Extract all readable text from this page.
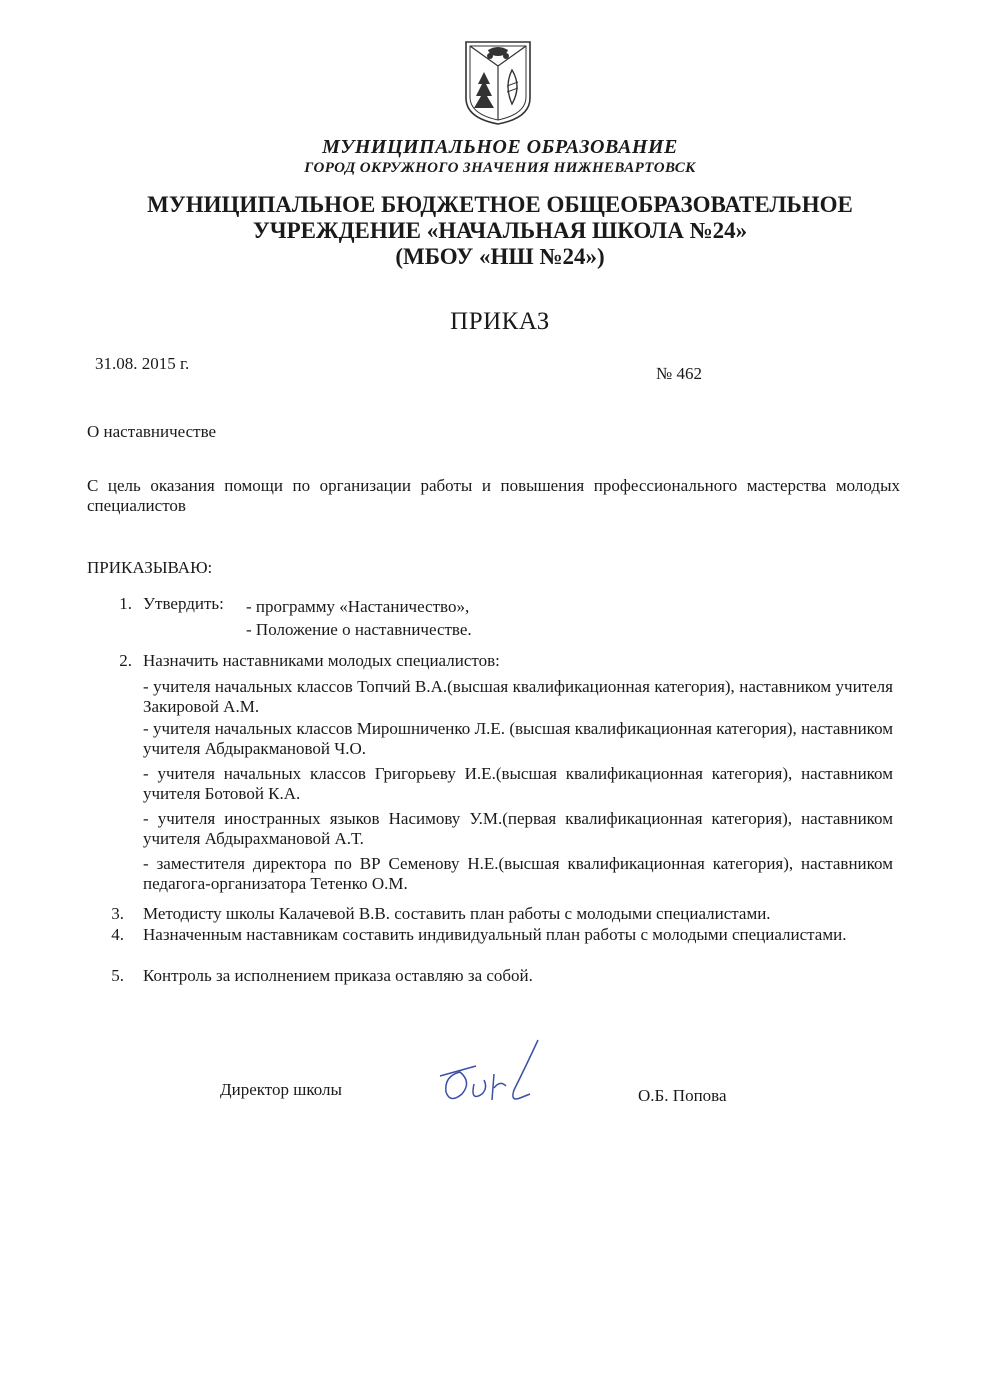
МУНИЦИПАЛЬНОЕ ОБРАЗОВАНИЕ
ГОРОД ОКРУЖНОГО ЗНАЧЕНИЯ НИЖНЕВАРТОВСК
МУНИЦИПАЛЬНОЕ БЮДЖЕТНОЕ ОБЩЕОБРАЗОВАТЕЛЬНОЕ
УЧРЕЖДЕНИЕ «НАЧАЛЬНАЯ ШКОЛА №24»
(МБОУ «НШ №24»)
ПРИКАЗ
31.08. 2015 г.
№ 462
О наставничестве
С цель оказания помощи по организации работы и повышения профессионального мастерства молодых специалистов
ПРИКАЗЫВАЮ:
1. Утвердить: - программу «Настаничество»,
- Положение о наставничестве.
2. Назначить наставниками молодых специалистов:
- учителя начальных классов Топчий В.А.(высшая квалификационная категория), наставником учителя Закировой А.М.
- учителя начальных классов Мирошниченко Л.Е. (высшая квалификационная категория), наставником учителя Абдыракмановой Ч.О.
- учителя начальных классов Григорьеву И.Е.(высшая квалификационная категория), наставником учителя Ботовой К.А.
- учителя иностранных языков Насимову У.М.(первая квалификационная категория), наставником учителя Абдырахмановой А.Т.
- заместителя директора по ВР Семенову Н.Е.(высшая квалификационная категория), наставником педагога-организатора Тетенко О.М.
3. Методисту школы Калачевой В.В. составить план работы с молодыми специалистами.
4. Назначенным наставникам составить индивидуальный план работы с молодыми специалистами.
5. Контроль за исполнением приказа оставляю за собой.
Директор школы	О.Б. Попова
